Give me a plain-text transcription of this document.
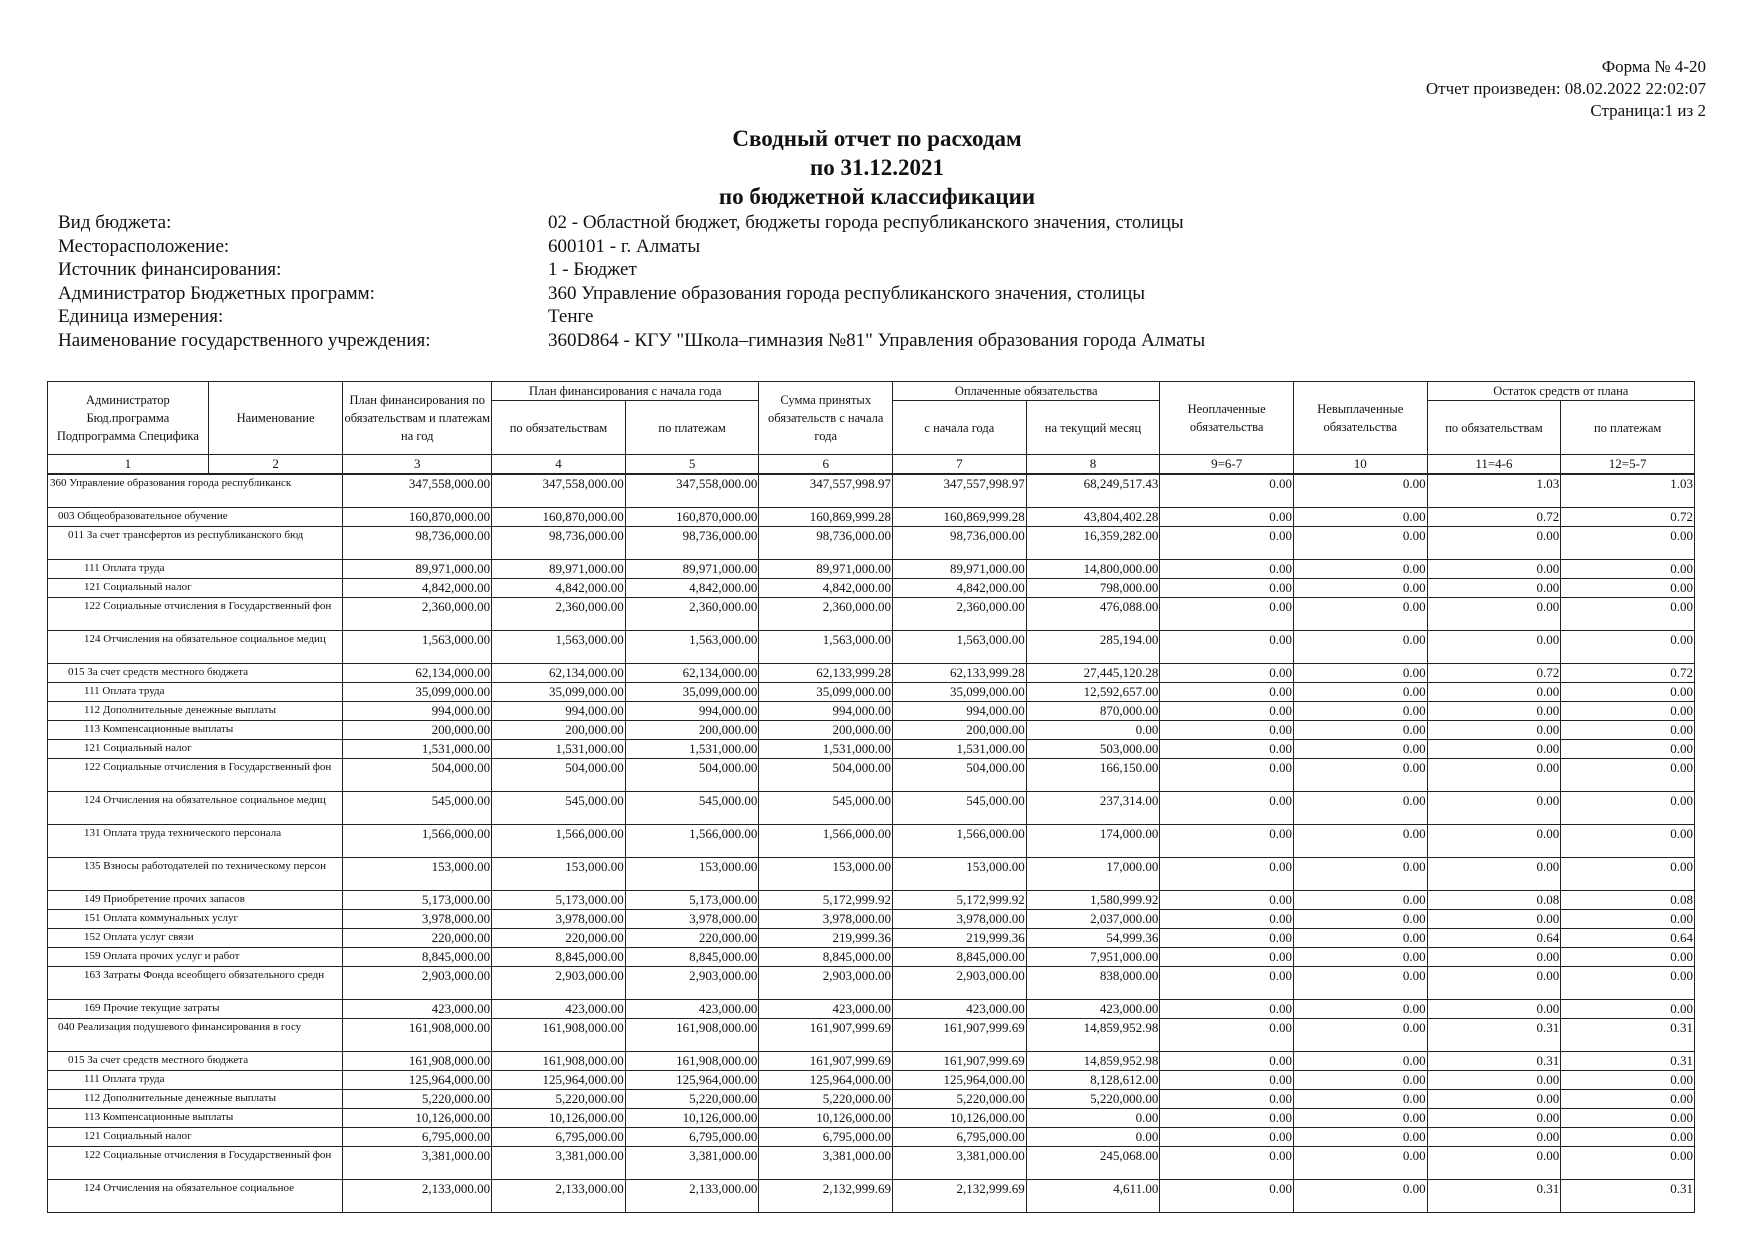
Форма № 4-20
Отчет произведен: 08.02.2022 22:02:07
Страница:1 из 2
Сводный отчет по расходам
по 31.12.2021
по бюджетной классификации
Вид бюджета:	02 - Областной бюджет, бюджеты города республиканского значения, столицы
Месторасположение:	600101 - г. Алматы
Источник финансирования:	1 - Бюджет
Администратор Бюджетных программ:	360 Управление образования города республиканского значения, столицы
Единица измерения:	Тенге
Наименование государственного учреждения:	360D864 - КГУ "Школа–гимназия №81" Управления образования города Алматы
Администратор Бюд.программа Подпрограмма Специфика	Наименование	План финансирования по обязательствам и платежам на год	План финансирования с начала года		Сумма принятых обязательств с начала года	Оплаченные обязательства		Неоплаченные обязательства	Невыплаченные обязательства	Остаток средств от плана	
			по обязательствам	по платежам		с начала года	на текущий месяц			по обязательствам	по платежам
1	2	3	4	5	6	7	8	9=6-7	10	11=4-6	12=5-7
360 Управление образования города республиканск		347,558,000.00	347,558,000.00	347,558,000.00	347,557,998.97	347,557,998.97	68,249,517.43	0.00	0.00	1.03	1.03
003 Общеобразовательное обучение		160,870,000.00	160,870,000.00	160,870,000.00	160,869,999.28	160,869,999.28	43,804,402.28	0.00	0.00	0.72	0.72
011 За счет трансфертов из республиканского бюд		98,736,000.00	98,736,000.00	98,736,000.00	98,736,000.00	98,736,000.00	16,359,282.00	0.00	0.00	0.00	0.00
111 Оплата труда		89,971,000.00	89,971,000.00	89,971,000.00	89,971,000.00	89,971,000.00	14,800,000.00	0.00	0.00	0.00	0.00
121 Социальный налог		4,842,000.00	4,842,000.00	4,842,000.00	4,842,000.00	4,842,000.00	798,000.00	0.00	0.00	0.00	0.00
122 Социальные отчисления в Государственный фон		2,360,000.00	2,360,000.00	2,360,000.00	2,360,000.00	2,360,000.00	476,088.00	0.00	0.00	0.00	0.00
124 Отчисления на обязательное социальное медиц		1,563,000.00	1,563,000.00	1,563,000.00	1,563,000.00	1,563,000.00	285,194.00	0.00	0.00	0.00	0.00
015 За счет средств местного бюджета		62,134,000.00	62,134,000.00	62,134,000.00	62,133,999.28	62,133,999.28	27,445,120.28	0.00	0.00	0.72	0.72
111 Оплата труда		35,099,000.00	35,099,000.00	35,099,000.00	35,099,000.00	35,099,000.00	12,592,657.00	0.00	0.00	0.00	0.00
112 Дополнительные денежные выплаты		994,000.00	994,000.00	994,000.00	994,000.00	994,000.00	870,000.00	0.00	0.00	0.00	0.00
113 Компенсационные выплаты		200,000.00	200,000.00	200,000.00	200,000.00	200,000.00	0.00	0.00	0.00	0.00	0.00
121 Социальный налог		1,531,000.00	1,531,000.00	1,531,000.00	1,531,000.00	1,531,000.00	503,000.00	0.00	0.00	0.00	0.00
122 Социальные отчисления в Государственный фон		504,000.00	504,000.00	504,000.00	504,000.00	504,000.00	166,150.00	0.00	0.00	0.00	0.00
124 Отчисления на обязательное социальное медиц		545,000.00	545,000.00	545,000.00	545,000.00	545,000.00	237,314.00	0.00	0.00	0.00	0.00
131 Оплата труда технического персонала		1,566,000.00	1,566,000.00	1,566,000.00	1,566,000.00	1,566,000.00	174,000.00	0.00	0.00	0.00	0.00
135 Взносы работодателей по техническому персон		153,000.00	153,000.00	153,000.00	153,000.00	153,000.00	17,000.00	0.00	0.00	0.00	0.00
149 Приобретение прочих запасов		5,173,000.00	5,173,000.00	5,173,000.00	5,172,999.92	5,172,999.92	1,580,999.92	0.00	0.00	0.08	0.08
151 Оплата коммунальных услуг		3,978,000.00	3,978,000.00	3,978,000.00	3,978,000.00	3,978,000.00	2,037,000.00	0.00	0.00	0.00	0.00
152 Оплата услуг связи		220,000.00	220,000.00	220,000.00	219,999.36	219,999.36	54,999.36	0.00	0.00	0.64	0.64
159 Оплата прочих услуг и работ		8,845,000.00	8,845,000.00	8,845,000.00	8,845,000.00	8,845,000.00	7,951,000.00	0.00	0.00	0.00	0.00
163 Затраты Фонда всеобщего обязательного средн		2,903,000.00	2,903,000.00	2,903,000.00	2,903,000.00	2,903,000.00	838,000.00	0.00	0.00	0.00	0.00
169 Прочие текущие затраты		423,000.00	423,000.00	423,000.00	423,000.00	423,000.00	423,000.00	0.00	0.00	0.00	0.00
040 Реализация подушевого финансирования в госу		161,908,000.00	161,908,000.00	161,908,000.00	161,907,999.69	161,907,999.69	14,859,952.98	0.00	0.00	0.31	0.31
015 За счет средств местного бюджета		161,908,000.00	161,908,000.00	161,908,000.00	161,907,999.69	161,907,999.69	14,859,952.98	0.00	0.00	0.31	0.31
111 Оплата труда		125,964,000.00	125,964,000.00	125,964,000.00	125,964,000.00	125,964,000.00	8,128,612.00	0.00	0.00	0.00	0.00
112 Дополнительные денежные выплаты		5,220,000.00	5,220,000.00	5,220,000.00	5,220,000.00	5,220,000.00	5,220,000.00	0.00	0.00	0.00	0.00
113 Компенсационные выплаты		10,126,000.00	10,126,000.00	10,126,000.00	10,126,000.00	10,126,000.00	0.00	0.00	0.00	0.00	0.00
121 Социальный налог		6,795,000.00	6,795,000.00	6,795,000.00	6,795,000.00	6,795,000.00	0.00	0.00	0.00	0.00	0.00
122 Социальные отчисления в Государственный фон		3,381,000.00	3,381,000.00	3,381,000.00	3,381,000.00	3,381,000.00	245,068.00	0.00	0.00	0.00	0.00
124 Отчисления на обязательное социальное		2,133,000.00	2,133,000.00	2,133,000.00	2,132,999.69	2,132,999.69	4,611.00	0.00	0.00	0.31	0.31
